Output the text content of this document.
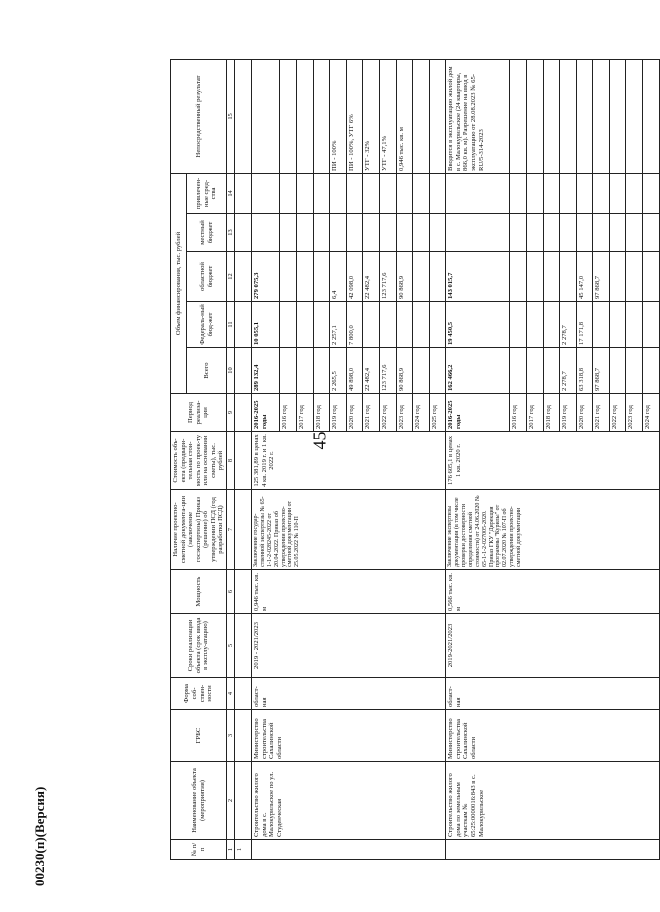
45
00230(п)(Версия)	№ п/п	Наименование объекта (мероприятия)	ГРБС	Форма соб-ствен-ности	Сроки реализации объекта (срок ввода в эксплу-атацию)	Мощность	Наличие проектно-сметной документа-ции (заключение госэкспертизы) Приказ (решение) об утверждении ПСД (год разработки ПСД)	Стоимость объ-екта (предвари-тельная стои-мость по проек-ту или на основании сметы), тыс. рублей	Период реализа-ции	Объем финансирования, тыс. рублей					Непосредственный результат
									Всего	Федераль-ный бюд-жет	областной бюджет	местный бюджет	привлечен-ные сред-ства	
1	2	3	4	5	6	7	8	9	10	11	12	13	14	15
1														
	Строительство жилого дома в с. Малокурильское по ул. Студенческая	Министерство строительства Сахалинской области	област-ная	2019 - 2021/2023	0,946 тыс. кв. м	Заключение государ-ственной экспертизы № 65-1-1-2-028245-2022 от 20.04.2022. Приказ об утверждении проектно-сметной документации от 25.05.2022 № 110-П	125 381,89 в ценах 4 кв. 2019 г. и 1 кв. 2022 г.	2016-2025 годы	289 132,4	10 055,1	279 075,3			
								2016 год						
								2017 год						
								2018 год						
								2019 год	2 265,5	2 257,1	6,4			ПИ - 100%
								2020 год	49 898,0	7 800,0	42 098,0			ПИ - 100%, УТГ 6%
								2021 год	22 482,4		22 482,4			УТГ - 32%
								2022 год	123 717,6		123 717,6			УТГ - 47,1%
								2023 год	90 868,9		90 868,9			0,946 тыс. кв. м
								2024 год						
								2025 год						
	Строительство жилого дома по земельным участкам № 65:25:0000016:843 в с. Малокурильское	Министерство строительства Сахалинской области	област-ная	2019-2021/2023	0,566 тыс. кв. м	Заключение экспертизы документации (в том числе проверки достоверности определения сметной стоимости) от 24.06.2020 № 65-1-1-2-027005-2020. Приказ ГКУ "Дирекция программы "Курилы" от 02.07.2020 № 107-П об утверждении проектно-сметной документации	176 605,1 в ценах 1 кв. 2020 г.	2016-2025 годы	162 466,2	19 450,5	143 015,7			Вводится в эксплуатацию жилой дом в с. Малокурильское (24 квартиры, 866,0 кв. м). Разрешение на ввод в эксплуатацию от 28.08.2023 № 65-RU/5-314-2023
								2016 год						
								2017 год						
								2018 год						
								2019 год	2 278,7	2 278,7				
								2020 год	63 318,8	17 171,8	45 147,0			
								2021 год	97 868,7		97 868,7			
								2022 год						
								2023 год						
								2024 год						
